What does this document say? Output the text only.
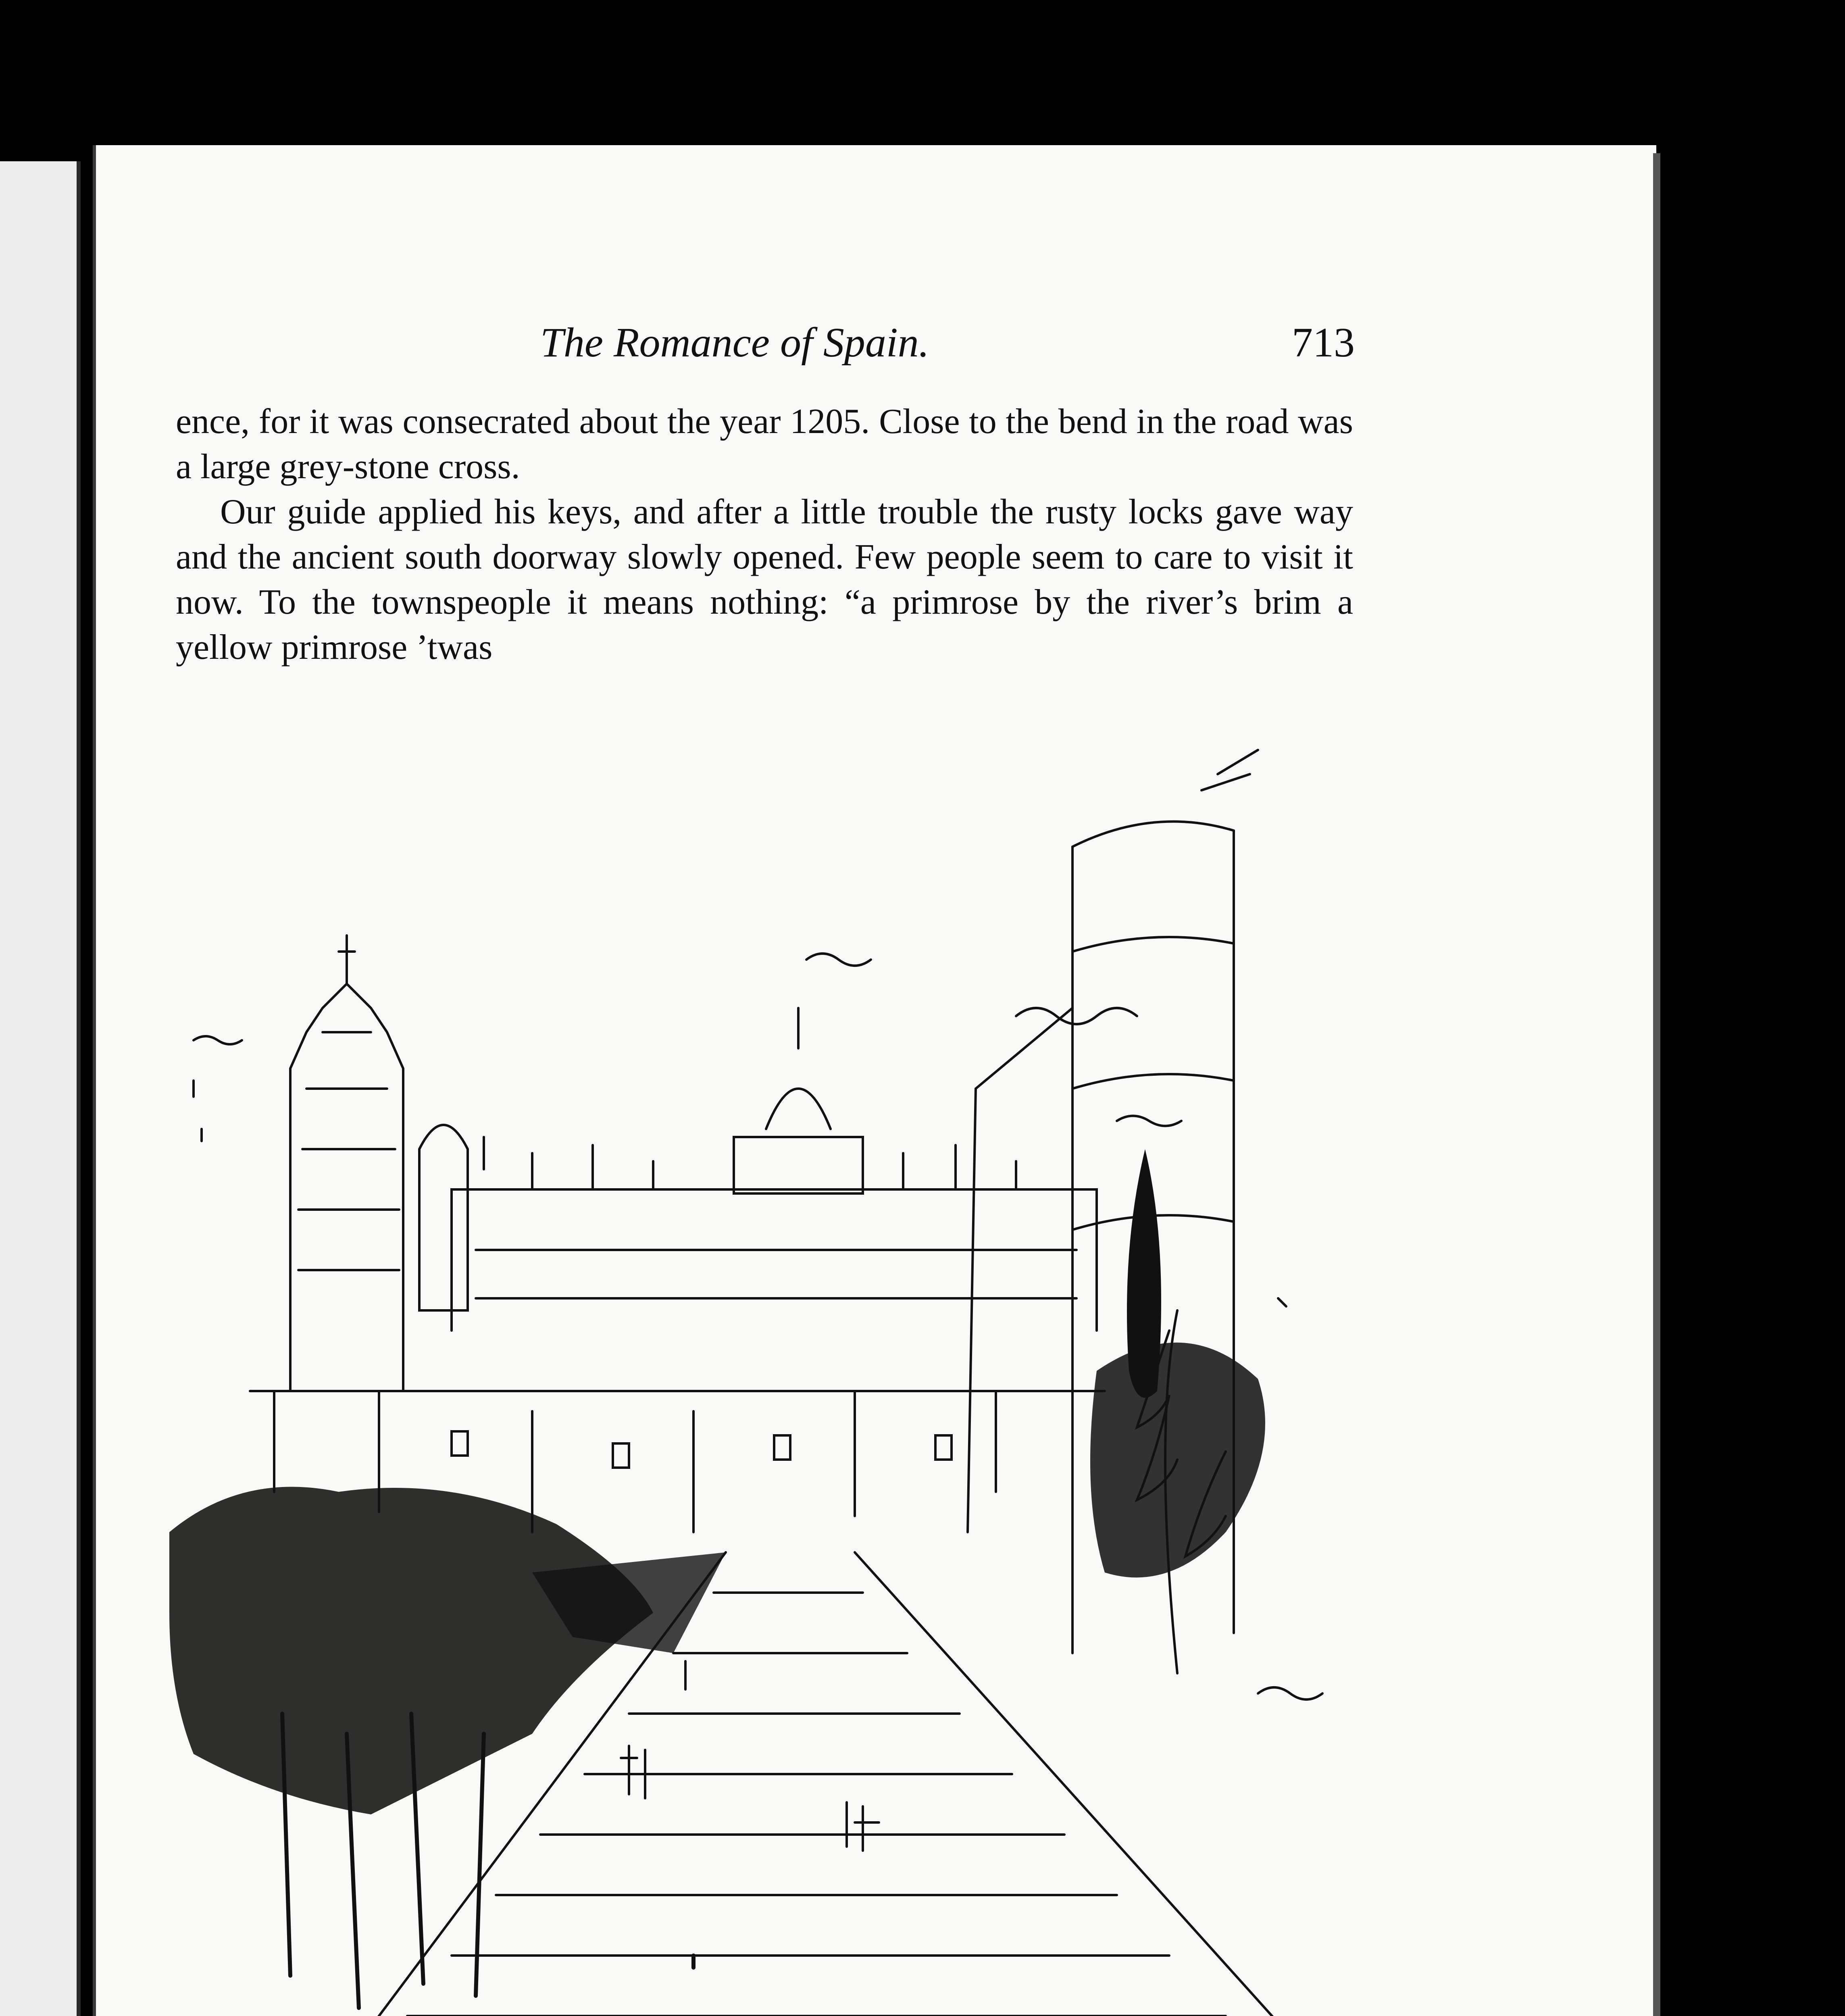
The Romance of Spain.	713

ence, for it was consecrated about the year 1205. Close to the bend in the road was a large grey-stone cross.

Our guide applied his keys, and after a little trouble the rusty locks gave way and the ancient south doorway slowly opened. Few people seem to care to visit it now. To the townspeople it means nothing: “a primrose by the river’s brim a yellow primrose ’twas
